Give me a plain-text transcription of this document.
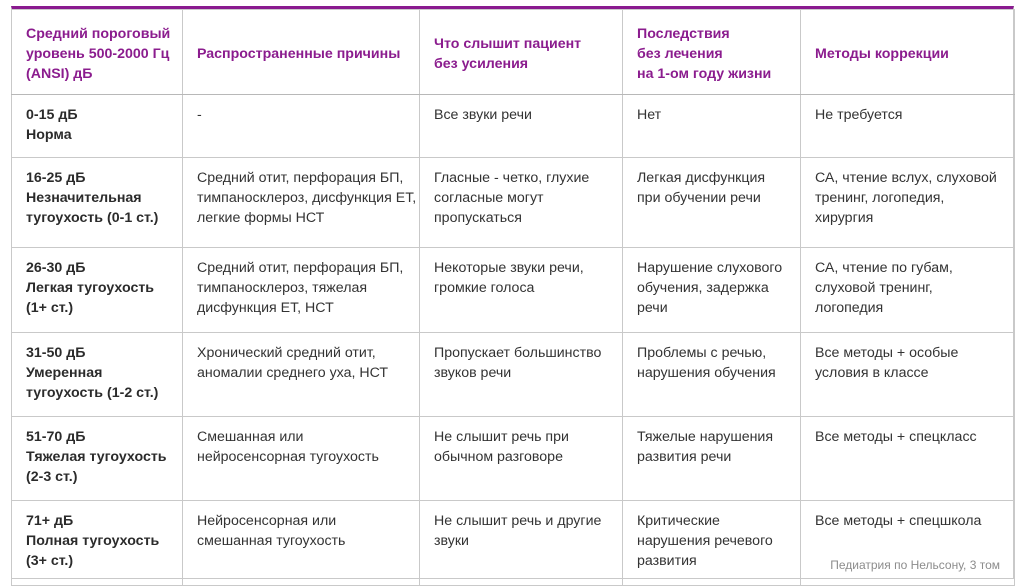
Средний пороговый
уровень 500-2000 Гц
(ANSI) дБ	Распространенные причины	Что слышит пациент
без усиления	Последствия
без лечения
на 1-ом году жизни	Методы коррекции

0-15 дБ
Норма	-	Все звуки речи	Нет	Не требуется

16-25 дБ
Незначительная
тугоухость (0-1 ст.)	Средний отит, перфорация БП,
тимпаносклероз, дисфункция ЕТ,
легкие формы НСТ	Гласные - четко, глухие
согласные могут
пропускаться	Легкая дисфункция
при обучении речи	СА, чтение вслух, слуховой
тренинг, логопедия,
хирургия

26-30 дБ
Легкая тугоухость
(1+ ст.)	Средний отит, перфорация БП,
тимпаносклероз, тяжелая
дисфункция ЕТ, НСТ	Некоторые звуки речи,
громкие голоса	Нарушение слухового
обучения, задержка
речи	СА, чтение по губам,
слуховой тренинг,
логопедия

31-50 дБ
Умеренная
тугоухость (1-2 ст.)	Хронический средний отит,
аномалии среднего уха, НСТ	Пропускает большинство
звуков речи	Проблемы с речью,
нарушения обучения	Все методы + особые
условия в классе

51-70 дБ
Тяжелая тугоухость
(2-3 ст.)	Смешанная или
нейросенсорная тугоухость	Не слышит речь при
обычном разговоре	Тяжелые нарушения
развития речи	Все методы + спецкласс

71+ дБ
Полная тугоухость
(3+ ст.)	Нейросенсорная или
смешанная тугоухость	Не слышит речь и другие
звуки	Критические
нарушения речевого
развития	Все методы + спецшкола
Педиатрия по Нельсону, 3 том
